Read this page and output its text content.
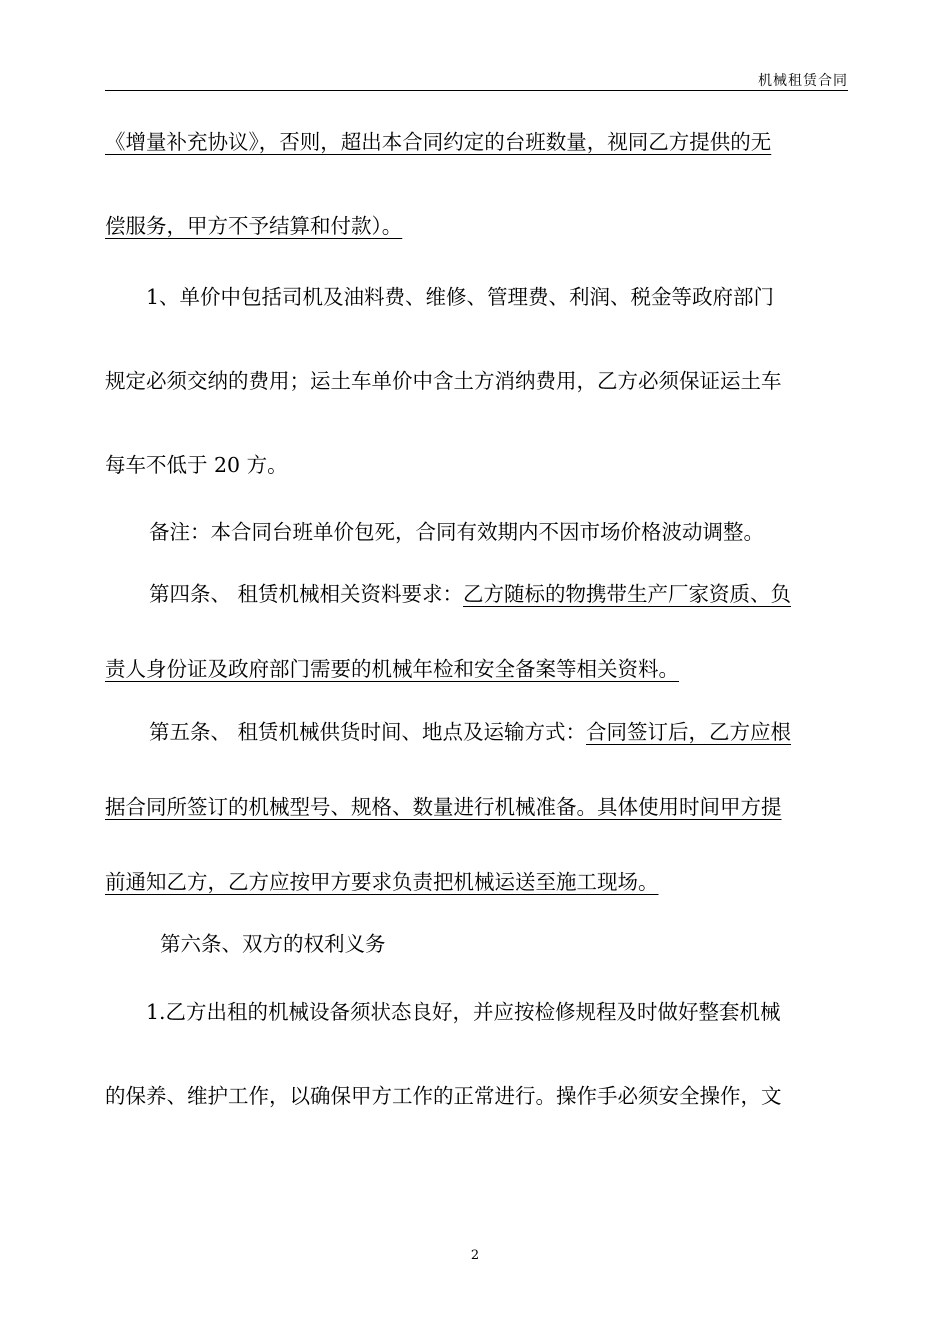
机械租赁合同
《增量补充协议》，否则，超出本合同约定的台班数量，视同乙方提供的无
偿服务，甲方不予结算和付款）。
1、单价中包括司机及油料费、维修、管理费、利润、税金等政府部门
规定必须交纳的费用；运土车单价中含土方消纳费用，乙方必须保证运土车
每车不低于 20 方。
备注：本合同台班单价包死，合同有效期内不因市场价格波动调整。
第四条、 租赁机械相关资料要求：乙方随标的物携带生产厂家资质、负
责人身份证及政府部门需要的机械年检和安全备案等相关资料。
第五条、 租赁机械供货时间、地点及运输方式：合同签订后，乙方应根
据合同所签订的机械型号、规格、数量进行机械准备。具体使用时间甲方提
前通知乙方，乙方应按甲方要求负责把机械运送至施工现场。
第六条、双方的权利义务
1.乙方出租的机械设备须状态良好，并应按检修规程及时做好整套机械
的保养、维护工作，以确保甲方工作的正常进行。操作手必须安全操作，文
2
